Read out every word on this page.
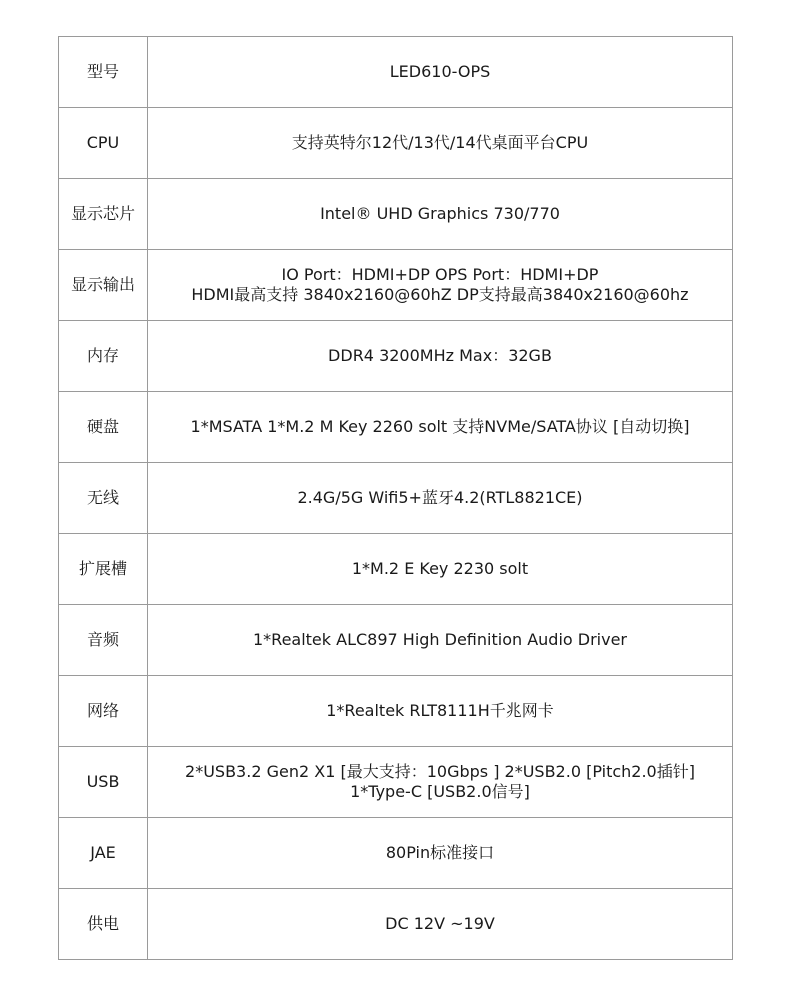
型号	LED610-OPS

CPU	支持英特尔12代/13代/14代桌面平台CPU

显示芯片	Intel® UHD Graphics 730/770

显示输出	IO Port：HDMI+DP OPS Port：HDMI+DP
HDMI最高支持 3840x2160@60hZ DP支持最高3840x2160@60hz

内存	DDR4 3200MHz Max：32GB

硬盘	1*MSATA 1*M.2 M Key 2260 solt 支持NVMe/SATA协议 [自动切换]

无线	2.4G/5G Wifi5+蓝牙4.2(RTL8821CE)

扩展槽	1*M.2 E Key 2230 solt

音频	1*Realtek ALC897 High Definition Audio Driver

网络	1*Realtek RLT8111H千兆网卡

USB	2*USB3.2 Gen2 X1 [最大支持：10Gbps ] 2*USB2.0 [Pitch2.0插针]
1*Type-C [USB2.0信号]

JAE	80Pin标准接口

供电	DC 12V ~19V
